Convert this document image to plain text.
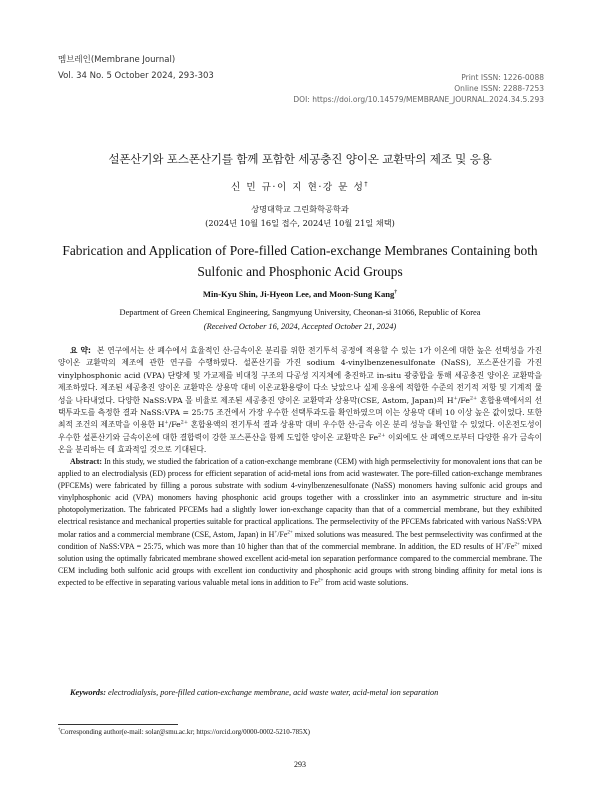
멤브레인(Membrane Journal)
Vol. 34 No. 5 October 2024, 293-303	Print ISSN: 1226-0088
Online ISSN: 2288-7253
DOI: https://doi.org/10.14579/MEMBRANE_JOURNAL.2024.34.5.293
설폰산기와 포스폰산기를 함께 포함한 세공충진 양이온 교환막의 제조 및 응용
신 민 규·이 지 현·강 문 성†
상명대학교 그린화학공학과
(2024년 10월 16일 접수, 2024년 10월 21일 채택)
Fabrication and Application of Pore-filled Cation-exchange Membranes Containing both Sulfonic and Phosphonic Acid Groups
Min-Kyu Shin, Ji-Hyeon Lee, and Moon-Sung Kang†
Department of Green Chemical Engineering, Sangmyung University, Cheonan-si 31066, Republic of Korea
(Received October 16, 2024, Accepted October 21, 2024)
요 약: 본 연구에서는 산 폐수에서 효율적인 산-금속이온 분리를 위한 전기투석 공정에 적용할 수 있는 1가 이온에 대한 높은 선택성을 가진 양이온 교환막의 제조에 관한 연구를 수행하였다. 설폰산기를 가진 sodium 4-vinylbenzenesulfonate (NaSS), 포스폰산기를 가진 vinylphosphonic acid (VPA) 단량체 및 가교제를 비대칭 구조의 다공성 지지체에 충진하고 in-situ 광중합을 통해 세공충진 양이온 교환막을 제조하였다. 제조된 세공충진 양이온 교환막은 상용막 대비 이온교환용량이 다소 낮았으나 실제 응용에 적합한 수준의 전기적 저항 및 기계적 물성을 나타내었다. 다양한 NaSS:VPA 몰 비율로 제조된 세공충진 양이온 교환막과 상용막(CSE, Astom, Japan)의 $H^+/Fe^{2+}$ 혼합용액에서의 선택투과도를 측정한 결과 NaSS:VPA = 25:75 조건에서 가장 우수한 선택투과도를 확인하였으며 이는 상용막 대비 10 이상 높은 값이었다. 또한 최적 조건의 제조막을 이용한 $H^+/Fe^{2+}$ 혼합용액의 전기투석 결과 상용막 대비 우수한 산-금속 이온 분리 성능을 확인할 수 있었다. 이온전도성이 우수한 설폰산기와 금속이온에 대한 결합력이 강한 포스폰산을 함께 도입한 양이온 교환막은 $Fe^{2+}$ 이외에도 산 폐액으로부터 다양한 유가 금속이온을 분리하는 데 효과적일 것으로 기대된다.
Abstract: In this study, we studied the fabrication of a cation-exchange membrane (CEM) with high permselectivity for monovalent ions that can be applied to an electrodialysis (ED) process for efficient separation of acid-metal ions from acid wastewater. The pore-filled cation-exchange membranes (PFCEMs) were fabricated by filling a porous substrate with sodium 4-vinylbenzenesulfonate (NaSS) monomers having sulfonic acid groups and vinylphosphonic acid (VPA) monomers having phosphonic acid groups together with a crosslinker into an asymmetric structure and in-situ photopolymerization. The fabricated PFCEMs had a slightly lower ion-exchange capacity than that of a commercial membrane, but they exhibited electrical resistance and mechanical properties suitable for practical applications. The permselectivity of the PFCEMs fabricated with various NaSS:VPA molar ratios and a commercial membrane (CSE, Astom, Japan) in $H^+/Fe^{2+}$ mixed solutions was measured. The best permselectivity was confirmed at the condition of NaSS:VPA = 25:75, which was more than 10 higher than that of the commercial membrane. In addition, the ED results of $H^+/Fe^{2+}$ mixed solution using the optimally fabricated membrane showed excellent acid-metal ion separation performance compared to the commercial membrane. The CEM including both sulfonic acid groups with excellent ion conductivity and phosphonic acid groups with strong binding affinity for metal ions is expected to be effective in separating various valuable metal ions in addition to $Fe^{2+}$ from acid waste solutions.
Keywords: electrodialysis, pore-filled cation-exchange membrane, acid waste water, acid-metal ion separation
†Corresponding author(e-mail: solar@smu.ac.kr; https://orcid.org/0000-0002-5210-785X)
293
